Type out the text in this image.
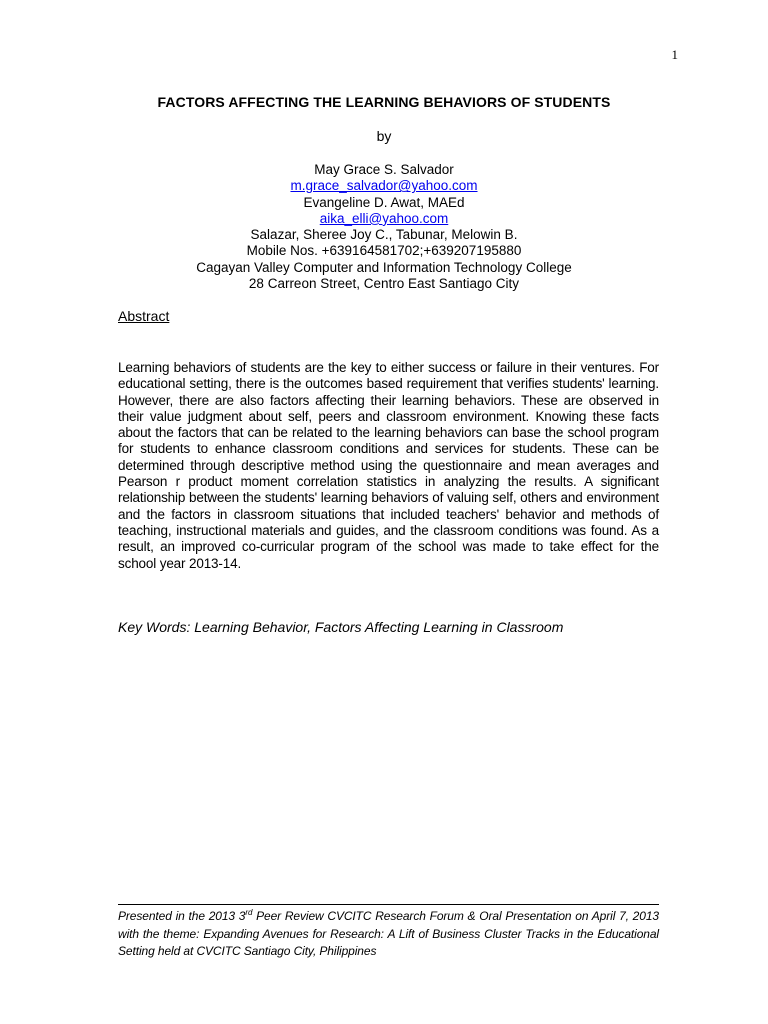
1
FACTORS AFFECTING THE LEARNING BEHAVIORS OF STUDENTS
by
May Grace S. Salvador
m.grace_salvador@yahoo.com
Evangeline D. Awat, MAEd
aika_elli@yahoo.com
Salazar, Sheree Joy C., Tabunar, Melowin B.
Mobile Nos. +639164581702;+639207195880
Cagayan Valley Computer and Information Technology College
28 Carreon Street, Centro East Santiago City
Abstract

Learning behaviors of students are the key to either success or failure in their ventures. For educational setting, there is the outcomes based requirement that verifies students' learning. However, there are also factors affecting their learning behaviors. These are observed in their value judgment about self, peers and classroom environment. Knowing these facts about the factors that can be related to the learning behaviors can base the school program for students to enhance classroom conditions and services for students. These can be determined through descriptive method using the questionnaire and mean averages and Pearson r product moment correlation statistics in analyzing the results. A significant relationship between the students' learning behaviors of valuing self, others and environment and the factors in classroom situations that included teachers' behavior and methods of teaching, instructional materials and guides, and the classroom conditions was found. As a result, an improved co-curricular program of the school was made to take effect for the school year 2013-14.

Key Words: Learning Behavior, Factors Affecting Learning in Classroom

Presented in the 2013 3rd Peer Review CVCITC Research Forum & Oral Presentation on April 7, 2013 with the theme: Expanding Avenues for Research: A Lift of Business Cluster Tracks in the Educational Setting held at CVCITC Santiago City, Philippines
